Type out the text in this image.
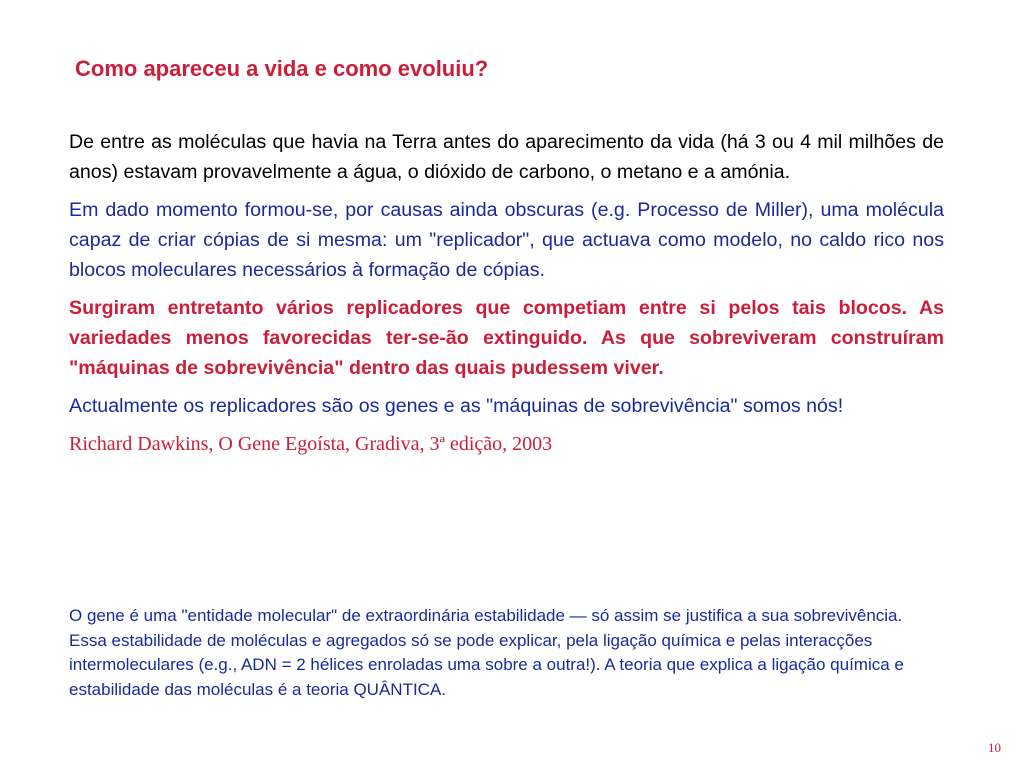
Como apareceu a vida e como evoluiu?

De entre as moléculas que havia na Terra antes do aparecimento da vida (há 3 ou 4 mil milhões de anos) estavam provavelmente a água, o dióxido de carbono, o metano e a amónia.

Em dado momento formou-se, por causas ainda obscuras (e.g. Processo de Miller), uma molécula capaz de criar cópias de si mesma: um "replicador", que actuava como modelo, no caldo rico nos blocos moleculares necessários à formação de cópias.

Surgiram entretanto vários replicadores que competiam entre si pelos tais blocos. As variedades menos favorecidas ter-se-ão extinguido. As que sobreviveram construíram "máquinas de sobrevivência" dentro das quais pudessem viver.

Actualmente os replicadores são os genes e as "máquinas de sobrevivência" somos nós!

Richard Dawkins, O Gene Egoísta, Gradiva, 3ª edição, 2003

O gene é uma "entidade molecular" de extraordinária estabilidade — só assim se justifica a sua sobrevivência. Essa estabilidade de moléculas e agregados só se pode explicar, pela ligação química e pelas interacções intermoleculares (e.g., ADN = 2 hélices enroladas uma sobre a outra!). A teoria que explica a ligação química e estabilidade das moléculas é a teoria QUÂNTICA.

10
